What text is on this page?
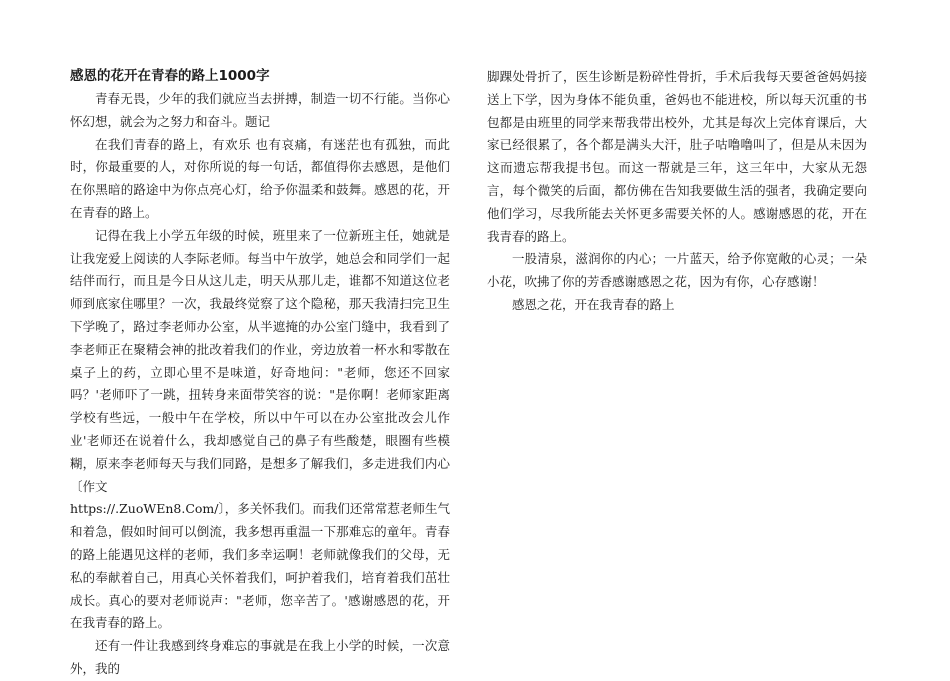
感恩的花开在青春的路上1000字

青春无畏，少年的我们就应当去拼搏，制造一切不行能。当你心怀幻想，就会为之努力和奋斗。题记

在我们青春的路上，有欢乐 也有哀痛，有迷茫也有孤独，而此时，你最重要的人，对你所说的每一句话，都值得你去感恩，是他们在你黑暗的路途中为你点亮心灯，给予你温柔和鼓舞。感恩的花，开在青春的路上。

记得在我上小学五年级的时候，班里来了一位新班主任，她就是让我宠爱上阅读的人李际老师。每当中午放学，她总会和同学们一起结伴而行，而且是今日从这儿走，明天从那儿走，谁都不知道这位老师到底家住哪里？一次，我最终觉察了这个隐秘，那天我清扫完卫生下学晚了，路过李老师办公室，从半遮掩的办公室门缝中，我看到了李老师正在聚精会神的批改着我们的作业，旁边放着一杯水和零散在桌子上的药，立即心里不是味道，好奇地问："老师，您还不回家吗？'老师吓了一跳，扭转身来面带笑容的说："是你啊！老师家距离学校有些远，一般中午在学校，所以中午可以在办公室批改会儿作业'老师还在说着什么，我却感觉自己的鼻子有些酸楚，眼圈有些模糊，原来李老师每天与我们同路，是想多了解我们，多走进我们内心〔作文

https://.ZuoWEn8.Com/〕，多关怀我们。而我们还常常惹老师生气和着急，假如时间可以倒流，我多想再重温一下那难忘的童年。青春的路上能遇见这样的老师，我们多幸运啊！老师就像我们的父母，无私的奉献着自己，用真心关怀着我们，呵护着我们，培育着我们茁壮成长。真心的要对老师说声："老师，您辛苦了。'感谢感恩的花，开在我青春的路上。

还有一件让我感到终身难忘的事就是在我上小学的时候，一次意外，我的

脚踝处骨折了，医生诊断是粉碎性骨折，手术后我每天要爸爸妈妈接送上下学，因为身体不能负重，爸妈也不能进校，所以每天沉重的书包都是由班里的同学来帮我带出校外，尤其是每次上完体育课后，大家已经很累了，各个都是满头大汗，肚子咕噜噜叫了，但是从未因为这而遗忘帮我提书包。而这一帮就是三年，这三年中，大家从无怨言，每个微笑的后面，都仿佛在告知我要做生活的强者，我确定要向他们学习，尽我所能去关怀更多需要关怀的人。感谢感恩的花，开在我青春的路上。

一股清泉，滋润你的内心；一片蓝天，给予你宽敞的心灵；一朵小花，吹拂了你的芳香感谢感恩之花，因为有你，心存感谢！

感恩之花，开在我青春的路上
